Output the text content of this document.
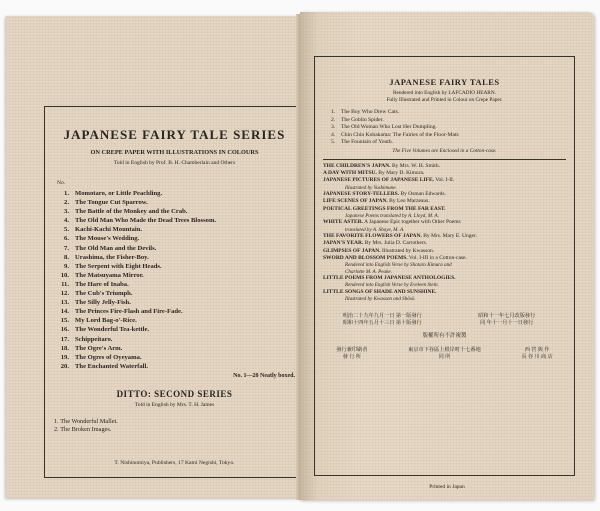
JAPANESE FAIRY TALE SERIES
ON CREPE PAPER WITH ILLUSTRATIONS IN COLOURS
Told in English by Prof. B. H. Chamberlain and Others
No.
1. Momotaro, or Little Peachling.
2. The Tongue Cut Sparrow.
3. The Battle of the Monkey and the Crab.
4. The Old Man Who Made the Dead Trees Blossom.
5. Kachi-Kachi Mountain.
6. The Mouse's Wedding.
7. The Old Man and the Devils.
8. Urashima, the Fisher-Boy.
9. The Serpent with Eight Heads.
10. The Matsuyama Mirror.
11. The Hare of Inaba.
12. The Cub's Triumph.
13. The Silly Jelly-Fish.
14. The Princes Fire-Flash and Fire-Fade.
15. My Lord Bag-o'-Rice.
16. The Wonderful Tea-kettle.
17. Schippeitaro.
18. The Ogre's Arm.
19. The Ogres of Oyeyama.
20. The Enchanted Waterfall.
No. 1—20 Neatly boxed.
DITTO: SECOND SERIES
Told in English by Mrs. T. H. James
1. The Wonderful Mallet.
2. The Broken Images.
T. Nishinomiya, Publishers, 17 Kami Negishi, Tokyo.
JAPANESE FAIRY TALES
Rendered into English by LAFCADIO HEARN.
Fully Illustrated and Printed in Colour on Crepe Paper.
1. The Boy Who Drew Cats.
2. The Goblin Spider.
3. The Old Woman Who Lost Her Dumpling.
4. Chin Chin Kobakama: The Fairies of the Floor-Mats
5. The Fountain of Youth.
The Five Volumes are Enclosed in a Cotton-case.
THE CHILDREN'S JAPAN. By Mrs. W. H. Smith.
A DAY WITH MITSU. By Mary D. Kimura.
JAPANESE PICTURES OF JAPANESE LIFE. Vol. I-II.
Illustrated by Yoshimune.
JAPANESE STORY-TELLERS. By Osman Edwards.
LIFE SCENES OF JAPAN. By Leo Marzeaus.
POETICAL GREETINGS FROM THE FAR EAST.
Japanese Poems translated by A. Lloyd, M. A.
WHITE ASTER. A Japanese Epic together with Other Poems
translated by A. Shaye, M. A.
THE FAVORITE FLOWERS OF JAPAN. By Mrs. Mary E. Unger.
JAPAN'S YEAR. By Mrs. Julia D. Carrothers.
GLIMPSES OF JAPAN. Illustrated by Kwasson.
SWORD AND BLOSSOM POEMS. Vol. I-III in a Cotton-case.
Rendered into English Verse by Shotaro Kimura and
Charlotte M. A. Peake.
LITTLE POEMS FROM JAPANESE ANTHOLOGIES.
Rendered into English Verse by Eveleen Stein.
LITTLE SONGS OF SHADE AND SUNSHINE.
Illustrated by Kwasson and Shōsō.
明治二十九年九月一日 第一版發行
昭和十四年五月十三日 第十版發行
昭和十一年七月改版發行
同 年十一月十一日發行
版權所有不許複製
發行兼印刷者
發 行 所
東京市下谷區上根岸町十七番地
同 所
西 宮 與 作
長 谷 川 商 店
Printed in Japan
